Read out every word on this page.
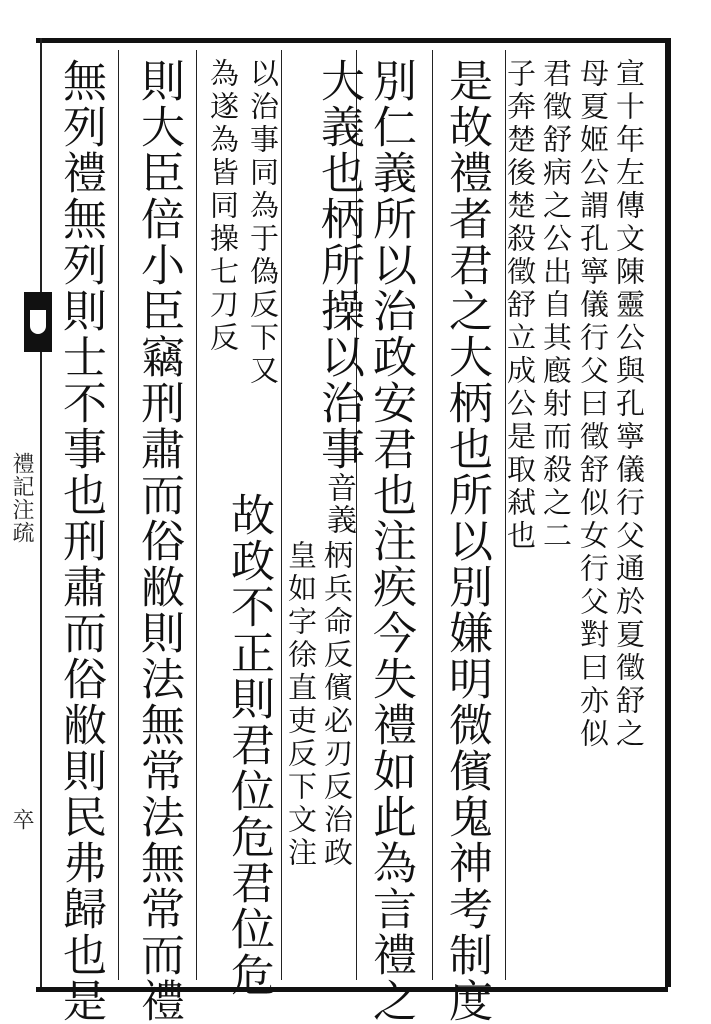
禮記注疏
卒
宣十年左傳文陳靈公與孔寧儀行父通於夏徵舒之
母夏姬公謂孔寧儀行父曰徵舒似女行父對曰亦似
君徵舒病之公出自其廏射而殺之二
子奔楚後楚殺徵舒立成公是取弒也
是故禮者君之大柄也所以別嫌明微儐鬼神考制度
別仁義所以治政安君也注疾今失禮如此為言禮之
大義也柄所操以治事音義
柄兵命反儐必刃反治政
以治事同為于偽反下又
皇如字徐直吏反下文注
為遂為皆同操七刀反
故政不正則君位危君位危
則大臣倍小臣竊刑肅而俗敝則法無常法無常而禮
無列禮無列則士不事也刑肅而俗敝則民弗歸也是
